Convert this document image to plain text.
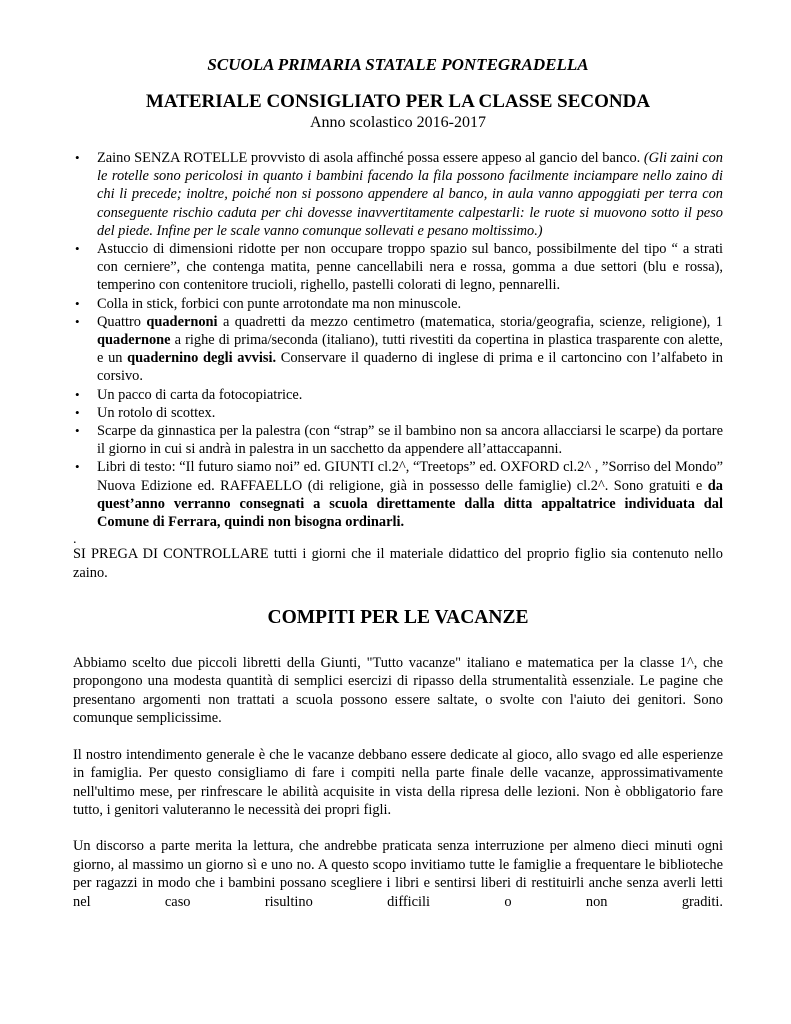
SCUOLA PRIMARIA STATALE PONTEGRADELLA

MATERIALE CONSIGLIATO PER LA CLASSE SECONDA

Anno scolastico 2016-2017

• Zaino SENZA ROTELLE provvisto di asola affinché possa essere appeso al gancio del banco. (Gli zaini con le rotelle sono pericolosi in quanto i bambini facendo la fila possono facilmente inciampare nello zaino di chi li precede; inoltre, poiché non si possono appendere al banco, in aula vanno appoggiati per terra con conseguente rischio caduta per chi dovesse inavvertitamente calpestarli: le ruote si muovono sotto il peso del piede. Infine per le scale vanno comunque sollevati e pesano moltissimo.)
• Astuccio di dimensioni ridotte per non occupare troppo spazio sul banco, possibilmente del tipo “ a strati con cerniere”, che contenga matita, penne cancellabili nera e rossa, gomma a due settori (blu e rossa), temperino con contenitore trucioli, righello, pastelli colorati di legno, pennarelli.
• Colla in stick, forbici con punte arrotondate ma non minuscole.
• Quattro quadernoni a quadretti da mezzo centimetro (matematica, storia/geografia, scienze, religione), 1 quadernone a righe di prima/seconda (italiano), tutti rivestiti da copertina in plastica trasparente con alette, e un quadernino degli avvisi. Conservare il quaderno di inglese di prima e il cartoncino con l’alfabeto in corsivo.
• Un pacco di carta da fotocopiatrice.
• Un rotolo di scottex.
• Scarpe da ginnastica per la palestra (con “strap” se il bambino non sa ancora allacciarsi le scarpe) da portare il giorno in cui si andrà in palestra in un sacchetto da appendere all’attaccapanni.
• Libri di testo: “Il futuro siamo noi” ed. GIUNTI cl.2^, “Treetops” ed. OXFORD cl.2^ , ”Sorriso del Mondo” Nuova Edizione ed. RAFFAELLO (di religione, già in possesso delle famiglie) cl.2^. Sono gratuiti e da quest’anno verranno consegnati a scuola direttamente dalla ditta appaltatrice individuata dal Comune di Ferrara, quindi non bisogna ordinarli.

.

SI PREGA DI CONTROLLARE tutti i giorni che il materiale didattico del proprio figlio sia contenuto nello zaino.

COMPITI PER LE VACANZE

Abbiamo scelto due piccoli libretti della Giunti, "Tutto vacanze" italiano e matematica per la classe 1^, che propongono una modesta quantità di semplici esercizi di ripasso della strumentalità essenziale. Le pagine che presentano argomenti non trattati a scuola possono essere saltate, o svolte con l'aiuto dei genitori. Sono comunque semplicissime.

Il nostro intendimento generale è che le vacanze debbano essere dedicate al gioco, allo svago ed alle esperienze in famiglia. Per questo consigliamo di fare i compiti nella parte finale delle vacanze, approssimativamente nell'ultimo mese, per rinfrescare le abilità acquisite in vista della ripresa delle lezioni. Non è obbligatorio fare tutto, i genitori valuteranno le necessità dei propri figli.

Un discorso a parte merita la lettura, che andrebbe praticata senza interruzione per almeno dieci minuti ogni giorno, al massimo un giorno sì e uno no. A questo scopo invitiamo tutte le famiglie a frequentare le biblioteche per ragazzi in modo che i bambini possano scegliere i libri e sentirsi liberi di restituirli anche senza averli letti nel caso risultino difficili o non graditi.
